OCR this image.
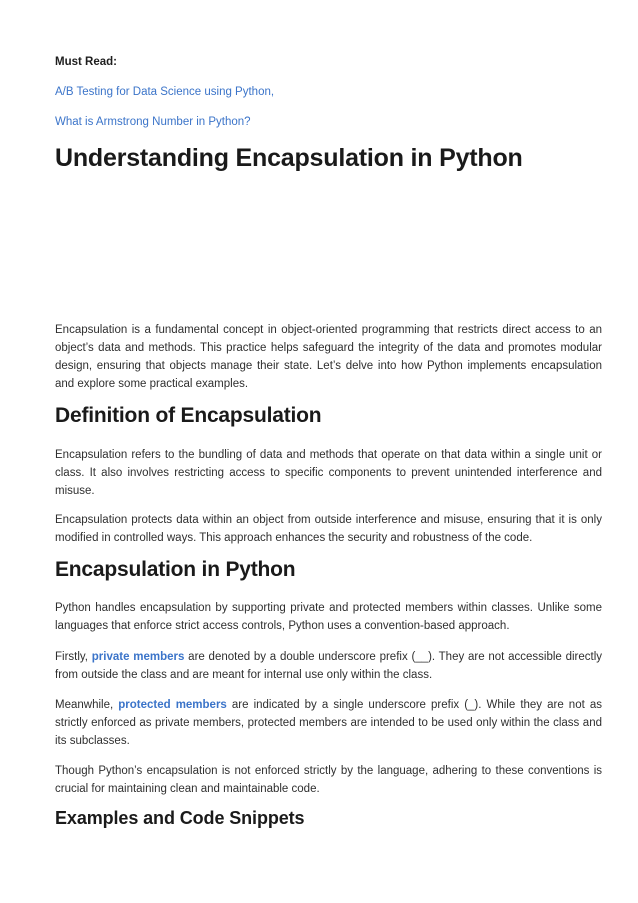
Must Read:

A/B Testing for Data Science using Python,
What is Armstrong Number in Python?
Understanding Encapsulation in Python

Encapsulation is a fundamental concept in object-oriented programming that restricts direct access to an object’s data and methods. This practice helps safeguard the integrity of the data and promotes modular design, ensuring that objects manage their state. Let’s delve into how Python implements encapsulation and explore some practical examples.

Definition of Encapsulation

Encapsulation refers to the bundling of data and methods that operate on that data within a single unit or class. It also involves restricting access to specific components to prevent unintended interference and misuse.

Encapsulation protects data within an object from outside interference and misuse, ensuring that it is only modified in controlled ways. This approach enhances the security and robustness of the code.

Encapsulation in Python

Python handles encapsulation by supporting private and protected members within classes. Unlike some languages that enforce strict access controls, Python uses a convention-based approach.

Firstly, private members are denoted by a double underscore prefix (__). They are not accessible directly from outside the class and are meant for internal use only within the class.

Meanwhile, protected members are indicated by a single underscore prefix (_). While they are not as strictly enforced as private members, protected members are intended to be used only within the class and its subclasses.

Though Python’s encapsulation is not enforced strictly by the language, adhering to these conventions is crucial for maintaining clean and maintainable code.

Examples and Code Snippets
